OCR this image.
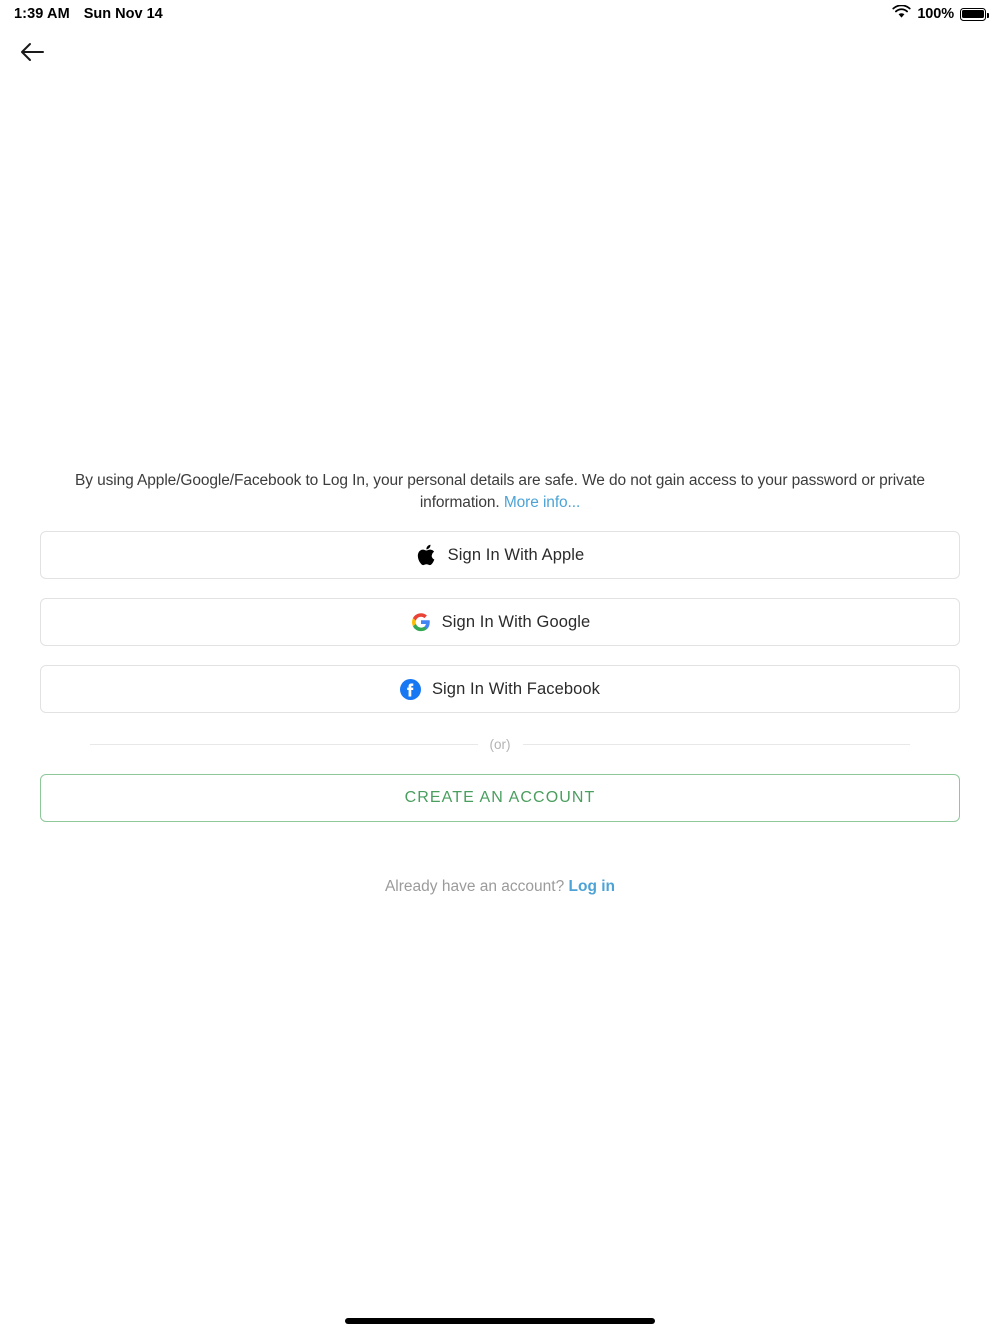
1:39 AM Sun Nov 14	100%

By using Apple/Google/Facebook to Log In, your personal details are safe. We do not gain access to your password or private information. More info...

Sign In With Apple
Sign In With Google
Sign In With Facebook
(or)
CREATE AN ACCOUNT
Already have an account? Log in
